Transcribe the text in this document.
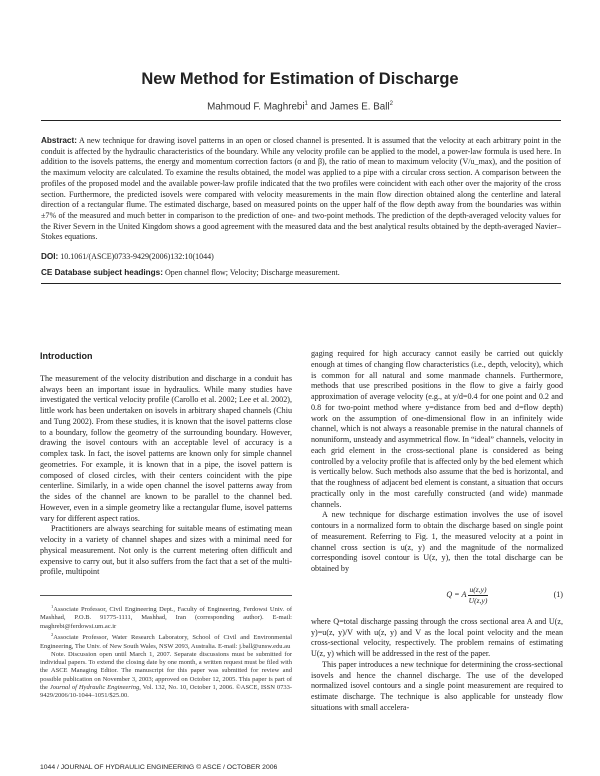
New Method for Estimation of Discharge
Mahmoud F. Maghrebi$^1$ and James E. Ball$^2$

Abstract: A new technique for drawing isovel patterns in an open or closed channel is presented. It is assumed that the velocity at each arbitrary point in the conduit is affected by the hydraulic characteristics of the boundary. While any velocity profile can be applied to the model, a power-law formula is used here. In addition to the isovels patterns, the energy and momentum correction factors (α and β), the ratio of mean to maximum velocity (V/u_max), and the position of the maximum velocity are calculated. To examine the results obtained, the model was applied to a pipe with a circular cross section. A comparison between the profiles of the proposed model and the available power-law profile indicated that the two profiles were coincident with each other over the majority of the cross section. Furthermore, the predicted isovels were compared with velocity measurements in the main flow direction obtained along the centerline and lateral direction of a rectangular flume. The estimated discharge, based on measured points on the upper half of the flow depth away from the boundaries was within ±7% of the measured and much better in comparison to the prediction of one- and two-point methods. The prediction of the depth-averaged velocity values for the River Severn in the United Kingdom shows a good agreement with the measured data and the best analytical results obtained by the depth-averaged Navier–Stokes equations.

DOI: 10.1061/(ASCE)0733-9429(2006)132:10(1044)

CE Database subject headings: Open channel flow; Velocity; Discharge measurement.

Introduction

The measurement of the velocity distribution and discharge in a conduit has always been an important issue in hydraulics. While many studies have investigated the vertical velocity profile (Carollo et al. 2002; Lee et al. 2002), little work has been undertaken on isovels in arbitrary shaped channels (Chiu and Tung 2002). From these studies, it is known that the isovel patterns close to a boundary, follow the geometry of the surrounding boundary. However, drawing the isovel contours with an acceptable level of accuracy is a complex task. In fact, the isovel patterns are known only for simple channel geometries. For example, it is known that in a pipe, the isovel pattern is composed of closed circles, with their centers coincident with the pipe centerline. Similarly, in a wide open channel the isovel patterns away from the sides of the channel are known to be parallel to the channel bed. However, even in a simple geometry like a rectangular flume, isovel patterns vary for different aspect ratios.

Practitioners are always searching for suitable means of estimating mean velocity in a variety of channel shapes and sizes with a minimal need for physical measurement. Not only is the current metering often difficult and expensive to carry out, but it also suffers from the fact that a set of the multi-profile, multipoint

$^1$Associate Professor, Civil Engineering Dept., Faculty of Engineering, Ferdowsi Univ. of Mashhad, P.O.B. 91775-1111, Mashhad, Iran (corresponding author). E-mail: maghrebi@ferdowsi.um.ac.ir

$^2$Associate Professor, Water Research Laboratory, School of Civil and Environmental Engineering, The Univ. of New South Wales, NSW 2093, Australia. E-mail: j.ball@unsw.edu.au

Note. Discussion open until March 1, 2007. Separate discussions must be submitted for individual papers. To extend the closing date by one month, a written request must be filed with the ASCE Managing Editor. The manuscript for this paper was submitted for review and possible publication on November 3, 2003; approved on October 12, 2005. This paper is part of the Journal of Hydraulic Engineering, Vol. 132, No. 10, October 1, 2006. ©ASCE, ISSN 0733-9429/2006/10-1044–1051/$25.00.

gaging required for high accuracy cannot easily be carried out quickly enough at times of changing flow characteristics (i.e., depth, velocity), which is common for all natural and some manmade channels. Furthermore, methods that use prescribed positions in the flow to give a fairly good approximation of average velocity (e.g., at y/d=0.4 for one point and 0.2 and 0.8 for two-point method where y=distance from bed and d=flow depth) work on the assumption of one-dimensional flow in an infinitely wide channel, which is not always a reasonable premise in the natural channels of nonuniform, unsteady and asymmetrical flow. In “ideal” channels, velocity in each grid element in the cross-sectional plane is considered as being controlled by a velocity profile that is affected only by the bed element which is vertically below. Such methods also assume that the bed is horizontal, and that the roughness of adjacent bed element is constant, a situation that occurs practically only in the most carefully constructed (and wide) manmade channels.

A new technique for discharge estimation involves the use of isovel contours in a normalized form to obtain the discharge based on single point of measurement. Referring to Fig. 1, the measured velocity at a point in channel cross section is u(z, y) and the magnitude of the normalized corresponding isovel contour is U(z, y), then the total discharge can be obtained by

Q = A $\frac{u(z,y)}{U(z,y)}$	(1)

where Q=total discharge passing through the cross sectional area A and U(z, y)=u(z, y)/V with u(z, y) and V as the local point velocity and the mean cross-sectional velocity, respectively. The problem remains of estimating U(z, y) which will be addressed in the rest of the paper.

This paper introduces a new technique for determining the cross-sectional isovels and hence the channel discharge. The use of the developed normalized isovel contours and a single point measurement are required to estimate discharge. The technique is also applicable for unsteady flow situations with small accelera-

1044 / JOURNAL OF HYDRAULIC ENGINEERING © ASCE / OCTOBER 2006
